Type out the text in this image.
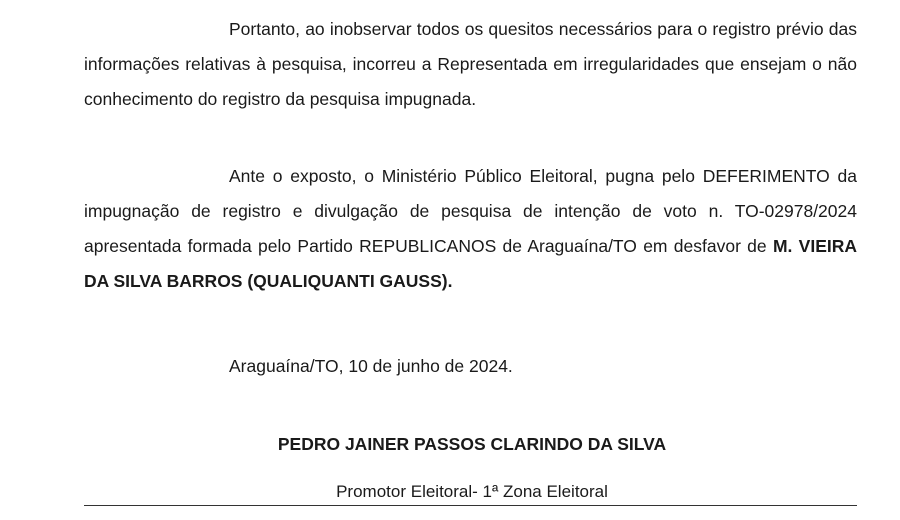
Portanto, ao inobservar todos os quesitos necessários para o registro prévio das informações relativas à pesquisa, incorreu a Representada em irregularidades que ensejam o não conhecimento do registro da pesquisa impugnada.

Ante o exposto, o Ministério Público Eleitoral, pugna pelo DEFERIMENTO da impugnação de registro e divulgação de pesquisa de intenção de voto n. TO-02978/2024 apresentada formada pelo Partido REPUBLICANOS de Araguaína/TO em desfavor de M. VIEIRA DA SILVA BARROS (QUALIQUANTI GAUSS).

Araguaína/TO, 10 de junho de 2024.

PEDRO JAINER PASSOS CLARINDO DA SILVA

Promotor Eleitoral- 1ª Zona Eleitoral
